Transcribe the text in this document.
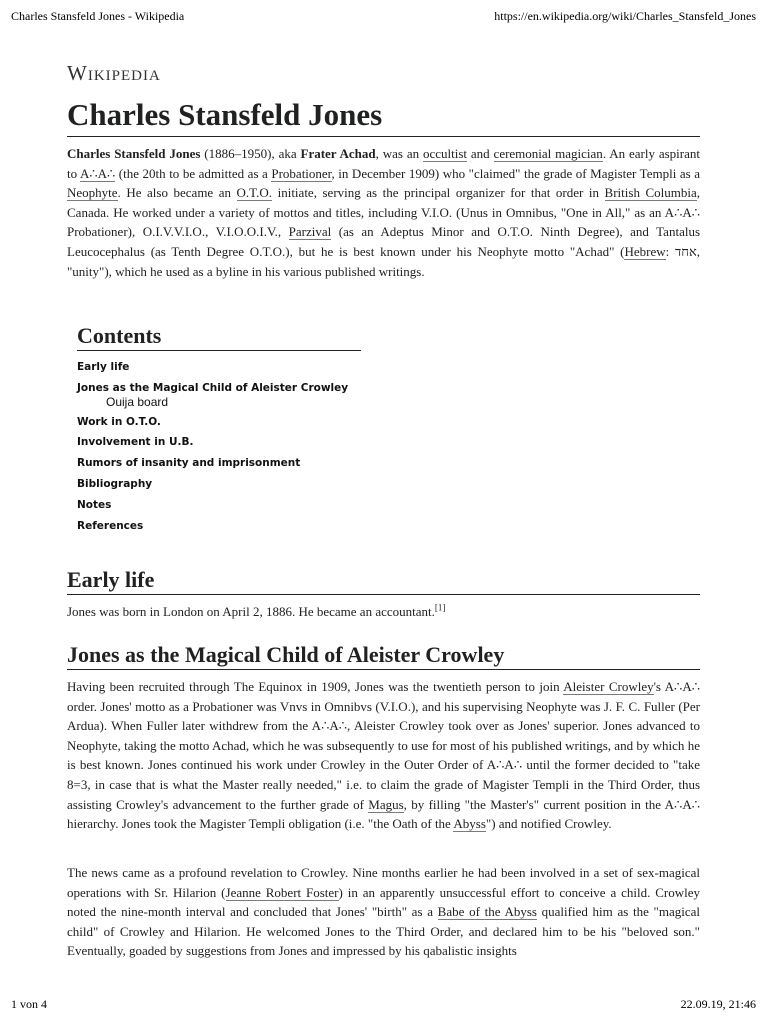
Charles Stansfeld Jones - Wikipedia	https://en.wikipedia.org/wiki/Charles_Stansfeld_Jones
Wikipedia
Charles Stansfeld Jones

Charles Stansfeld Jones (1886–1950), aka Frater Achad, was an occultist and ceremonial magician. An early aspirant to A∴A∴ (the 20th to be admitted as a Probationer, in December 1909) who "claimed" the grade of Magister Templi as a Neophyte. He also became an O.T.O. initiate, serving as the principal organizer for that order in British Columbia, Canada. He worked under a variety of mottos and titles, including V.I.O. (Unus in Omnibus, "One in All," as an A∴A∴ Probationer), O.I.V.V.I.O., V.I.O.O.I.V., Parzival (as an Adeptus Minor and O.T.O. Ninth Degree), and Tantalus Leucocephalus (as Tenth Degree O.T.O.), but he is best known under his Neophyte motto "Achad" (Hebrew: אחד, "unity"), which he used as a byline in his various published writings.

Contents
Early life
Jones as the Magical Child of Aleister Crowley
Ouija board
Work in O.T.O.
Involvement in U.B.
Rumors of insanity and imprisonment
Bibliography
Notes
References
Early life

Jones was born in London on April 2, 1886. He became an accountant.[1]

Jones as the Magical Child of Aleister Crowley

Having been recruited through The Equinox in 1909, Jones was the twentieth person to join Aleister Crowley's A∴A∴ order. Jones' motto as a Probationer was Vnvs in Omnibvs (V.I.O.), and his supervising Neophyte was J. F. C. Fuller (Per Ardua). When Fuller later withdrew from the A∴A∴, Aleister Crowley took over as Jones' superior. Jones advanced to Neophyte, taking the motto Achad, which he was subsequently to use for most of his published writings, and by which he is best known. Jones continued his work under Crowley in the Outer Order of A∴A∴ until the former decided to "take 8=3, in case that is what the Master really needed," i.e. to claim the grade of Magister Templi in the Third Order, thus assisting Crowley's advancement to the further grade of Magus, by filling "the Master's" current position in the A∴A∴ hierarchy. Jones took the Magister Templi obligation (i.e. "the Oath of the Abyss") and notified Crowley.

The news came as a profound revelation to Crowley. Nine months earlier he had been involved in a set of sex-magical operations with Sr. Hilarion (Jeanne Robert Foster) in an apparently unsuccessful effort to conceive a child. Crowley noted the nine-month interval and concluded that Jones' "birth" as a Babe of the Abyss qualified him as the "magical child" of Crowley and Hilarion. He welcomed Jones to the Third Order, and declared him to be his "beloved son." Eventually, goaded by suggestions from Jones and impressed by his qabalistic insights

1 von 4	22.09.19, 21:46
